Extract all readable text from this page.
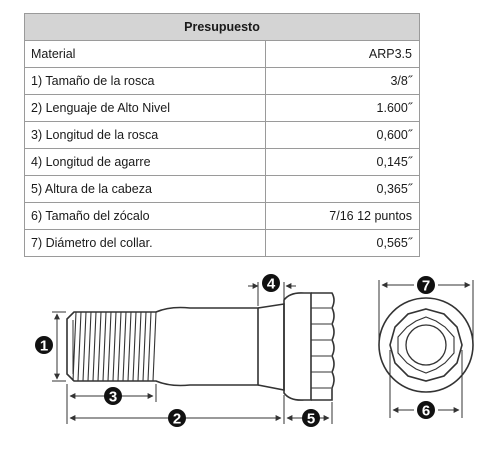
Presupuesto	
Material	ARP3.5
1) Tamaño de la rosca	3/8˝
2) Lenguaje de Alto Nivel	1.600˝
3) Longitud de la rosca	0,600˝
4) Longitud de agarre	0,145˝
5) Altura de la cabeza	0,365˝
6) Tamaño del zócalo	7/16 12 puntos
7) Diámetro del collar.	0,565˝
1
2
3
4
5	6
7
